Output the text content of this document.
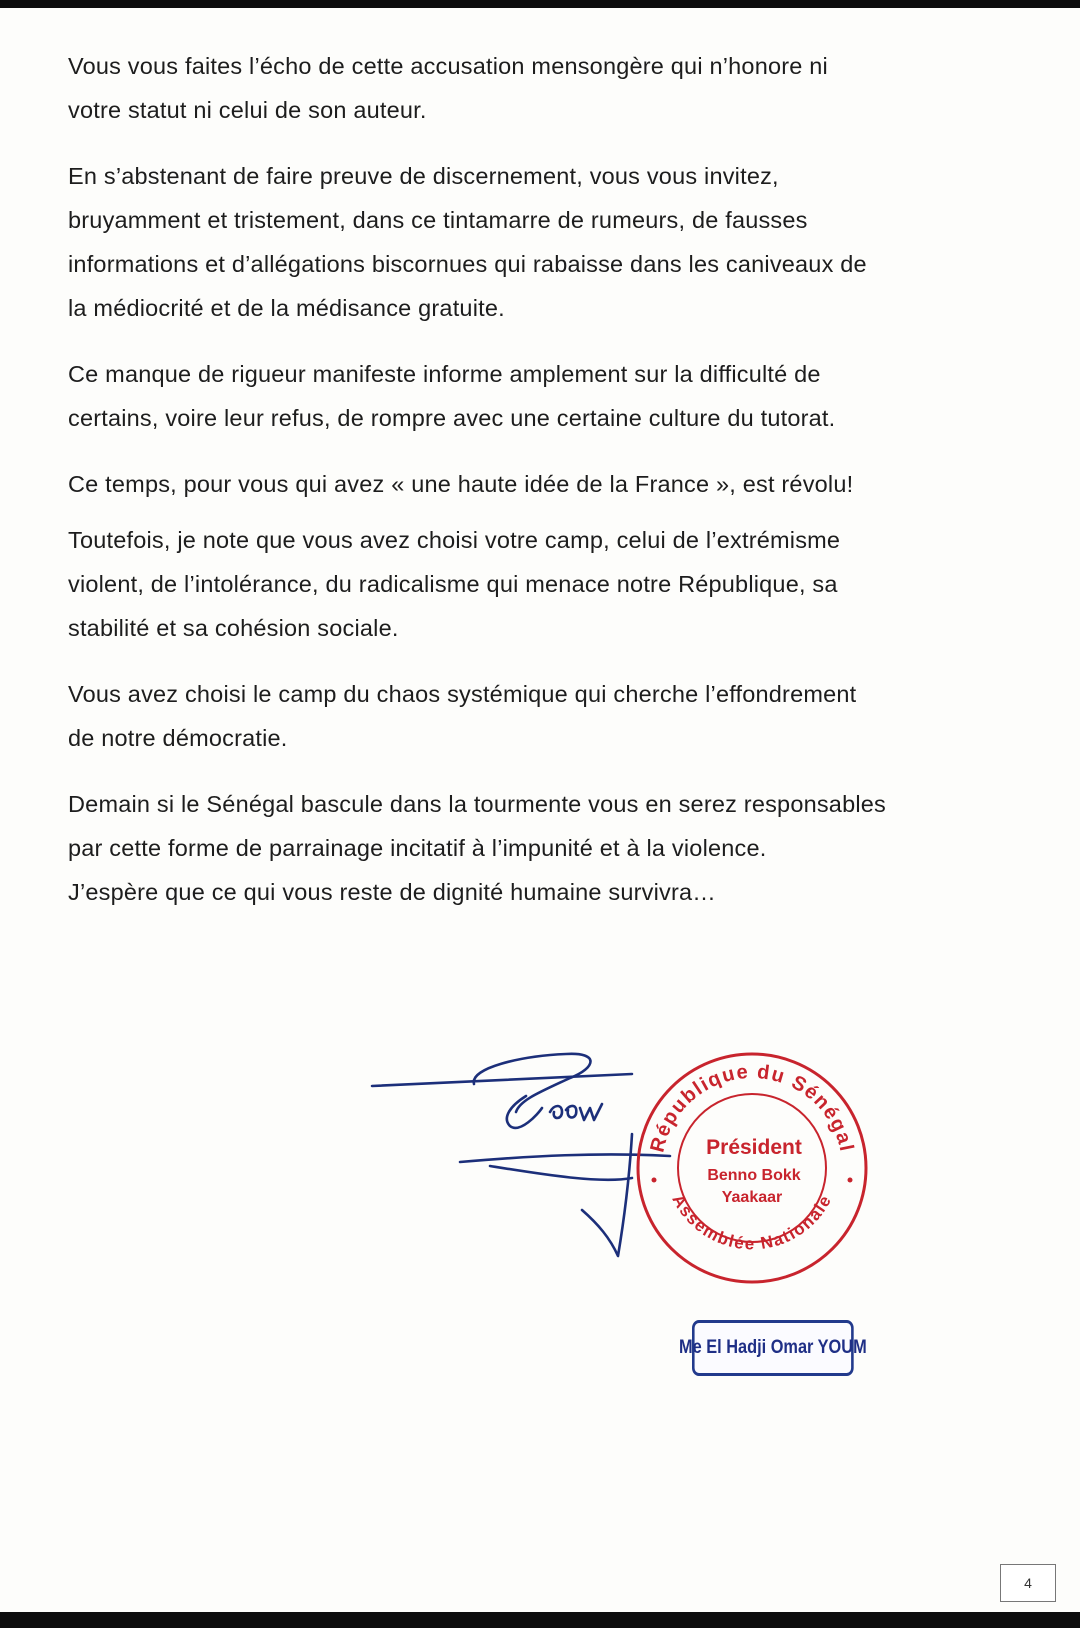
Vous vous faites l’écho de cette accusation mensongère qui n’honore ni
votre statut ni celui de son auteur.

En s’abstenant de faire preuve de discernement, vous vous invitez,
bruyamment et tristement, dans ce tintamarre de rumeurs, de fausses
informations et d’allégations biscornues qui rabaisse dans les caniveaux de
la médiocrité et de la médisance gratuite.

Ce manque de rigueur manifeste informe amplement sur la difficulté de
certains, voire leur refus, de rompre avec une certaine culture du tutorat.

Ce temps, pour vous qui avez « une haute idée de la France », est révolu!

Toutefois, je note que vous avez choisi votre camp, celui de l’extrémisme
violent, de l’intolérance, du radicalisme qui menace notre République, sa
stabilité et sa cohésion sociale.

Vous avez choisi le camp du chaos systémique qui cherche l’effondrement
de notre démocratie.

Demain si le Sénégal bascule dans la tourmente vous en serez responsables
par cette forme de parrainage incitatif à l’impunité et à la violence.
J’espère que ce qui vous reste de dignité humaine survivra…

République du Sénégal
Assemblée Nationale
Président
Benno Bokk
Yaakaar
Me El Hadji Omar YOUM
4
